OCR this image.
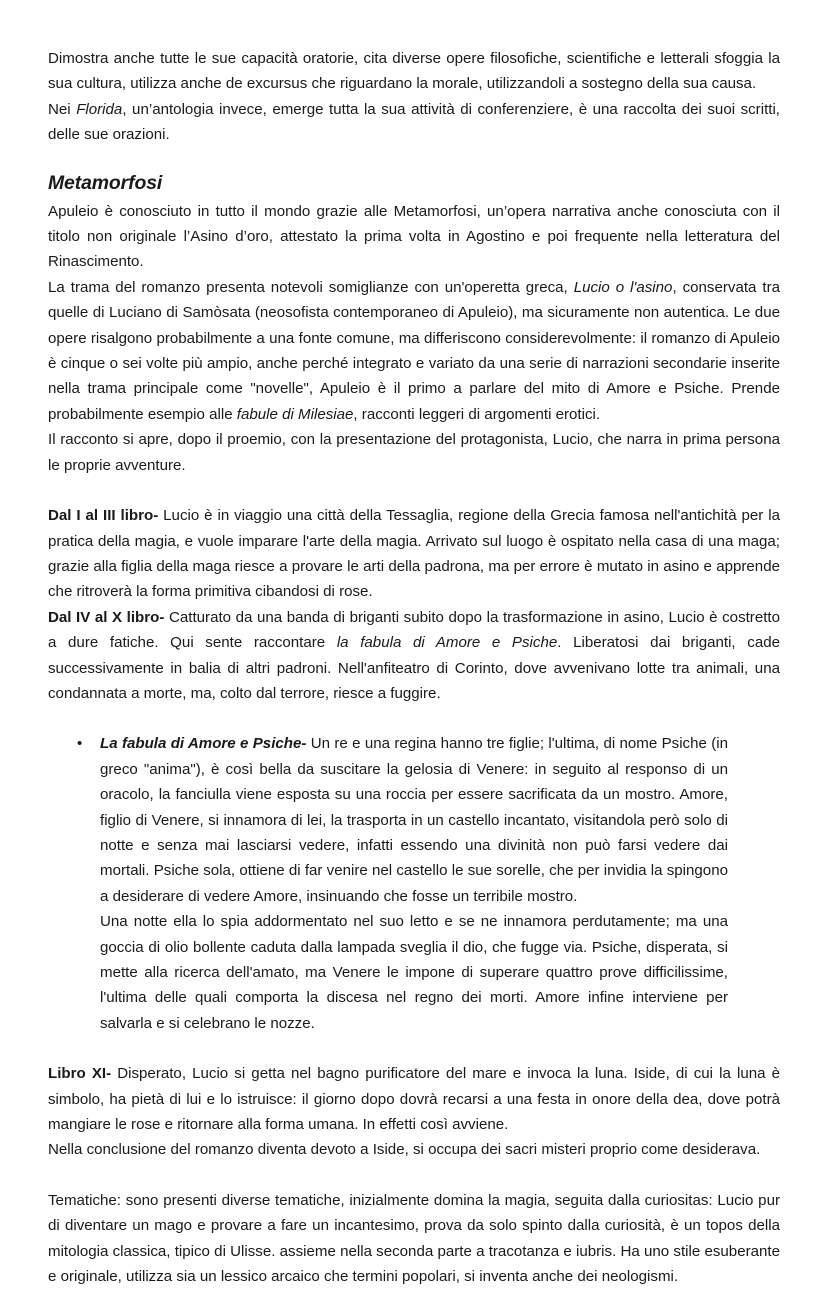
Dimostra anche tutte le sue capacità oratorie, cita diverse opere filosofiche, scientifiche e letterali sfoggia la sua cultura, utilizza anche de excursus che riguardano la morale, utilizzandoli a sostegno della sua causa.

Nei Florida, un’antologia invece, emerge tutta la sua attività di conferenziere, è una raccolta dei suoi scritti, delle sue orazioni.

Metamorfosi

Apuleio è conosciuto in tutto il mondo grazie alle Metamorfosi, un’opera narrativa anche conosciuta con il titolo non originale l’Asino d’oro, attestato la prima volta in Agostino e poi frequente nella letteratura del Rinascimento.

La trama del romanzo presenta notevoli somiglianze con un'operetta greca, Lucio o l'asino, conservata tra quelle di Luciano di Samòsata (neosofista contemporaneo di Apuleio), ma sicuramente non autentica. Le due opere risalgono probabilmente a una fonte comune, ma differiscono considerevolmente: il romanzo di Apuleio è cinque o sei volte più ampio, anche perché integrato e variato da una serie di narrazioni secondarie inserite nella trama principale come "novelle", Apuleio è il primo a parlare del mito di Amore e Psiche. Prende probabilmente esempio alle fabule di Milesiae, racconti leggeri di argomenti erotici.

Il racconto si apre, dopo il proemio, con la presentazione del protagonista, Lucio, che narra in prima persona le proprie avventure.

Dal I al III libro- Lucio è in viaggio una città della Tessaglia, regione della Grecia famosa nell'antichità per la pratica della magia, e vuole imparare l'arte della magia. Arrivato sul luogo è ospitato nella casa di una maga; grazie alla figlia della maga riesce a provare le arti della padrona, ma per errore è mutato in asino e apprende che ritroverà la forma primitiva cibandosi di rose.

Dal IV al X libro- Catturato da una banda di briganti subito dopo la trasformazione in asino, Lucio è costretto a dure fatiche. Qui sente raccontare la fabula di Amore e Psiche. Liberatosi dai briganti, cade successivamente in balia di altri padroni. Nell'anfiteatro di Corinto, dove avvenivano lotte tra animali, una condannata a morte, ma, colto dal terrore, riesce a fuggire.

• La fabula di Amore e Psiche- Un re e una regina hanno tre figlie; l'ultima, di nome Psiche (in greco "anima"), è così bella da suscitare la gelosia di Venere: in seguito al responso di un oracolo, la fanciulla viene esposta su una roccia per essere sacrificata da un mostro. Amore, figlio di Venere, si innamora di lei, la trasporta in un castello incantato, visitandola però solo di notte e senza mai lasciarsi vedere, infatti essendo una divinità non può farsi vedere dai mortali. Psiche sola, ottiene di far venire nel castello le sue sorelle, che per invidia la spingono a desiderare di vedere Amore, insinuando che fosse un terribile mostro.

Una notte ella lo spia addormentato nel suo letto e se ne innamora perdutamente; ma una goccia di olio bollente caduta dalla lampada sveglia il dio, che fugge via. Psiche, disperata, si mette alla ricerca dell'amato, ma Venere le impone di superare quattro prove difficilissime, l'ultima delle quali comporta la discesa nel regno dei morti. Amore infine interviene per salvarla e si celebrano le nozze.

Libro XI- Disperato, Lucio si getta nel bagno purificatore del mare e invoca la luna. Iside, di cui la luna è simbolo, ha pietà di lui e lo istruisce: il giorno dopo dovrà recarsi a una festa in onore della dea, dove potrà mangiare le rose e ritornare alla forma umana. In effetti così avviene.

Nella conclusione del romanzo diventa devoto a Iside, si occupa dei sacri misteri proprio come desiderava.

Tematiche: sono presenti diverse tematiche, inizialmente domina la magia, seguita dalla curiositas: Lucio pur di diventare un mago e provare a fare un incantesimo, prova da solo spinto dalla curiosità, è un topos della mitologia classica, tipico di Ulisse. assieme nella seconda parte a tracotanza e iubris. Ha uno stile esuberante e originale, utilizza sia un lessico arcaico che termini popolari, si inventa anche dei neologismi.
